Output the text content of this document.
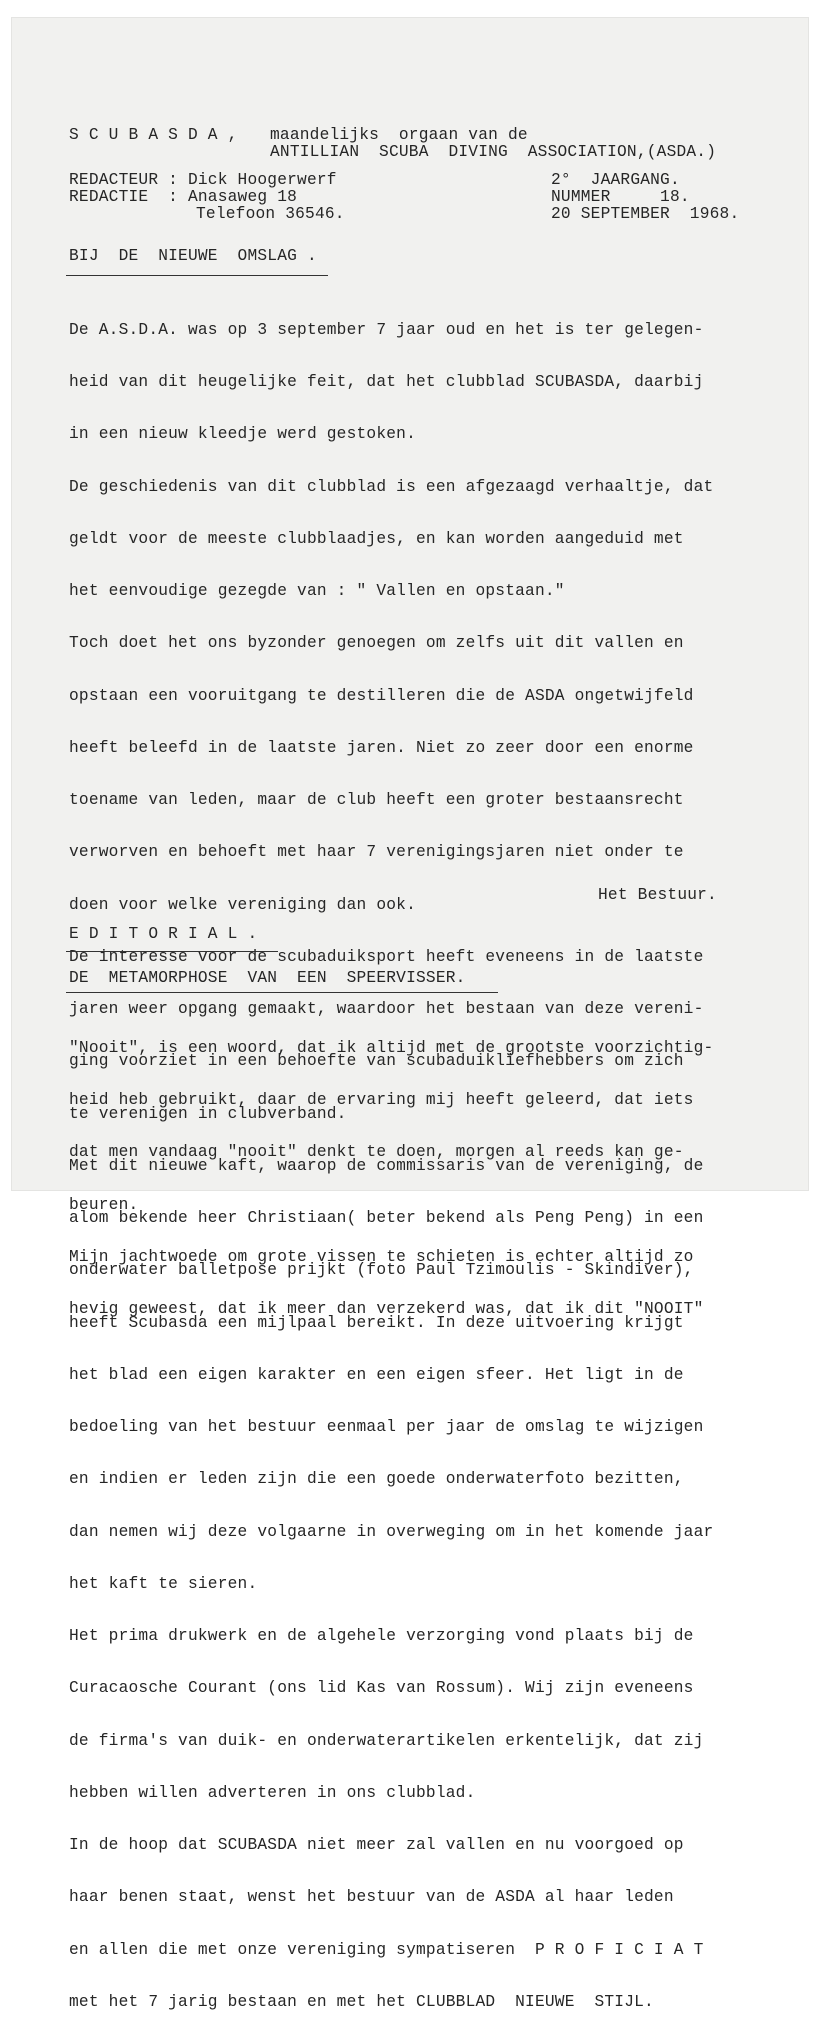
S C U B A S D A , maandelijks  orgaan van de
ANTILLIAN  SCUBA  DIVING  ASSOCIATION,(ASDA.)
REDACTEUR : Dick Hoogerwerf
REDACTIE  : Anasaweg 18
Telefoon 36546.
2°  JAARGANG.
NUMMER     18.
20 SEPTEMBER  1968.
BIJ  DE  NIEUWE  OMSLAG .

De A.S.D.A. was op 3 september 7 jaar oud en het is ter gelegen-

heid van dit heugelijke feit, dat het clubblad SCUBASDA, daarbij

in een nieuw kleedje werd gestoken.

De geschiedenis van dit clubblad is een afgezaagd verhaaltje, dat

geldt voor de meeste clubblaadjes, en kan worden aangeduid met

het eenvoudige gezegde van : " Vallen en opstaan."

Toch doet het ons byzonder genoegen om zelfs uit dit vallen en

opstaan een vooruitgang te destilleren die de ASDA ongetwijfeld

heeft beleefd in de laatste jaren. Niet zo zeer door een enorme

toename van leden, maar de club heeft een groter bestaansrecht

verworven en behoeft met haar 7 verenigingsjaren niet onder te

doen voor welke vereniging dan ook.

De interesse voor de scubaduiksport heeft eveneens in de laatste

jaren weer opgang gemaakt, waardoor het bestaan van deze vereni-

ging voorziet in een behoefte van scubaduikliefhebbers om zich

te verenigen in clubverband.

Met dit nieuwe kaft, waarop de commissaris van de vereniging, de

alom bekende heer Christiaan( beter bekend als Peng Peng) in een

onderwater balletpose prijkt (foto Paul Tzimoulis - Skindiver),

heeft Scubasda een mijlpaal bereikt. In deze uitvoering krijgt

het blad een eigen karakter en een eigen sfeer. Het ligt in de

bedoeling van het bestuur eenmaal per jaar de omslag te wijzigen

en indien er leden zijn die een goede onderwaterfoto bezitten,

dan nemen wij deze volgaarne in overweging om in het komende jaar

het kaft te sieren.

Het prima drukwerk en de algehele verzorging vond plaats bij de

Curacaosche Courant (ons lid Kas van Rossum). Wij zijn eveneens

de firma's van duik- en onderwaterartikelen erkentelijk, dat zij

hebben willen adverteren in ons clubblad.

In de hoop dat SCUBASDA niet meer zal vallen en nu voorgoed op

haar benen staat, wenst het bestuur van de ASDA al haar leden

en allen die met onze vereniging sympatiseren  P R O F I C I A T

met het 7 jarig bestaan en met het CLUBBLAD  NIEUWE  STIJL.

Het Bestuur.
E D I T O R I A L .
DE  METAMORPHOSE  VAN  EEN  SPEERVISSER.

"Nooit", is een woord, dat ik altijd met de grootste voorzichtig-

heid heb gebruikt, daar de ervaring mij heeft geleerd, dat iets

dat men vandaag "nooit" denkt te doen, morgen al reeds kan ge-

beuren.

Mijn jachtwoede om grote vissen te schieten is echter altijd zo

hevig geweest, dat ik meer dan verzekerd was, dat ik dit "NOOIT"
